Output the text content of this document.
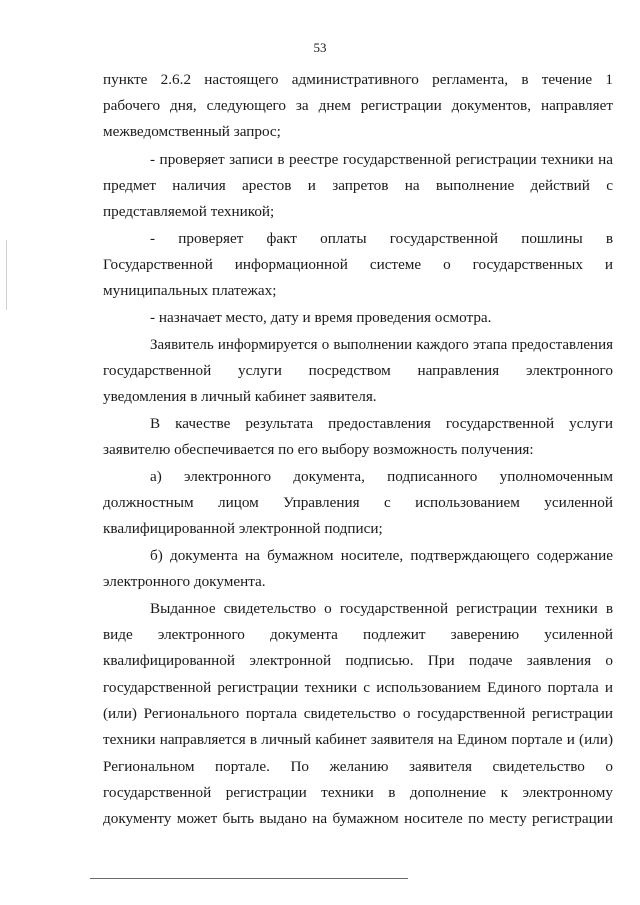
53
пункте 2.6.2 настоящего административного регламента, в течение 1
рабочего дня, следующего за днем регистрации документов, направляет
межведомственный запрос;
- проверяет записи в реестре государственной регистрации техники на
предмет наличия арестов и запретов на выполнение действий с
представляемой техникой;
- проверяет факт оплаты государственной пошлины в
Государственной информационной системе о государственных и
муниципальных платежах;
- назначает место, дату и время проведения осмотра.
Заявитель информируется о выполнении каждого этапа предоставления
государственной услуги посредством направления электронного
уведомления в личный кабинет заявителя.
В качестве результата предоставления государственной услуги
заявителю обеспечивается по его выбору возможность получения:
а) электронного документа, подписанного уполномоченным
должностным лицом Управления с использованием усиленной
квалифицированной электронной подписи;
б) документа на бумажном носителе, подтверждающего содержание
электронного документа.
Выданное свидетельство о государственной регистрации техники в
виде электронного документа подлежит заверению усиленной
квалифицированной электронной подписью. При подаче заявления о
государственной регистрации техники с использованием Единого портала и
(или) Регионального портала свидетельство о государственной регистрации
техники направляется в личный кабинет заявителя на Едином портале и (или)
Региональном портале. По желанию заявителя свидетельство о
государственной регистрации техники в дополнение к электронному
документу может быть выдано на бумажном носителе по месту регистрации
